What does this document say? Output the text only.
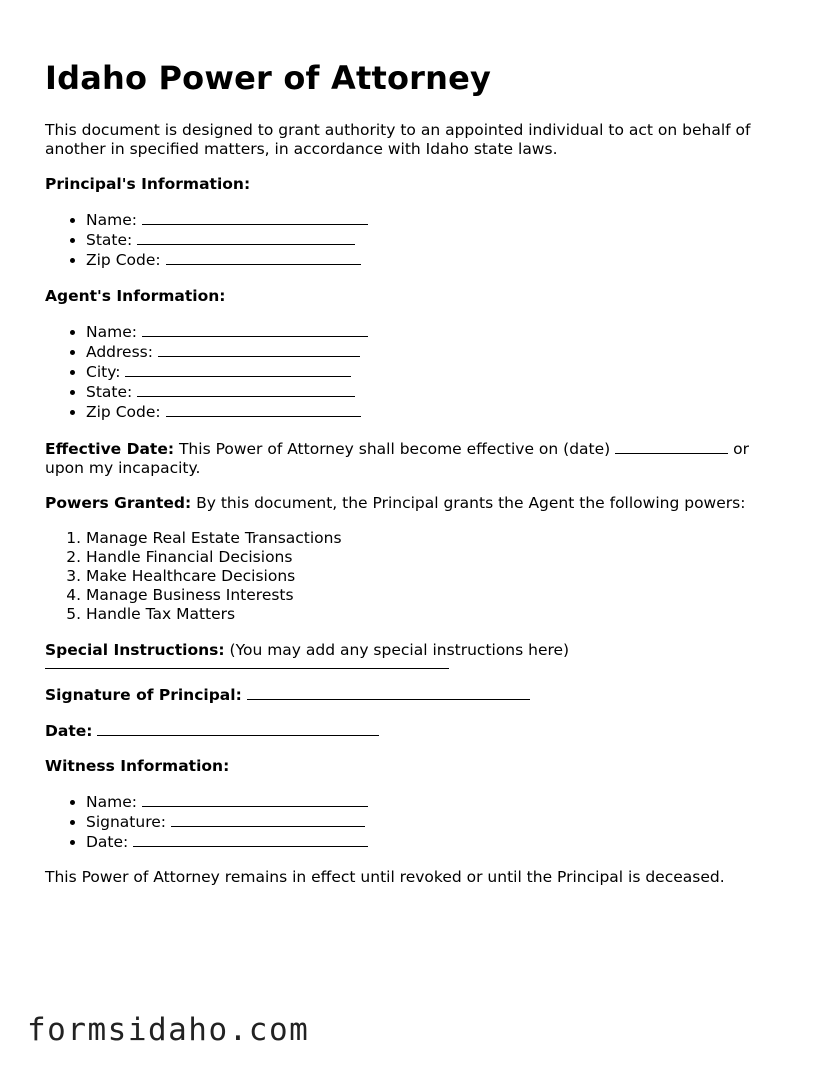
Idaho Power of Attorney

This document is designed to grant authority to an appointed individual to act on behalf of another in specified matters, in accordance with Idaho state laws.

Principal's Information:

• Name:
• State:
• Zip Code:

Agent's Information:

• Name:
• Address:
• City:
• State:
• Zip Code:

Effective Date: This Power of Attorney shall become effective on (date)	or upon my incapacity.

Powers Granted: By this document, the Principal grants the Agent the following powers:

1. Manage Real Estate Transactions
2. Handle Financial Decisions
3. Make Healthcare Decisions
4. Manage Business Interests
5. Handle Tax Matters

Special Instructions: (You may add any special instructions here)

Signature of Principal:

Date:

Witness Information:

• Name:
• Signature:
• Date:

This Power of Attorney remains in effect until revoked or until the Principal is deceased.

formsidaho.com
